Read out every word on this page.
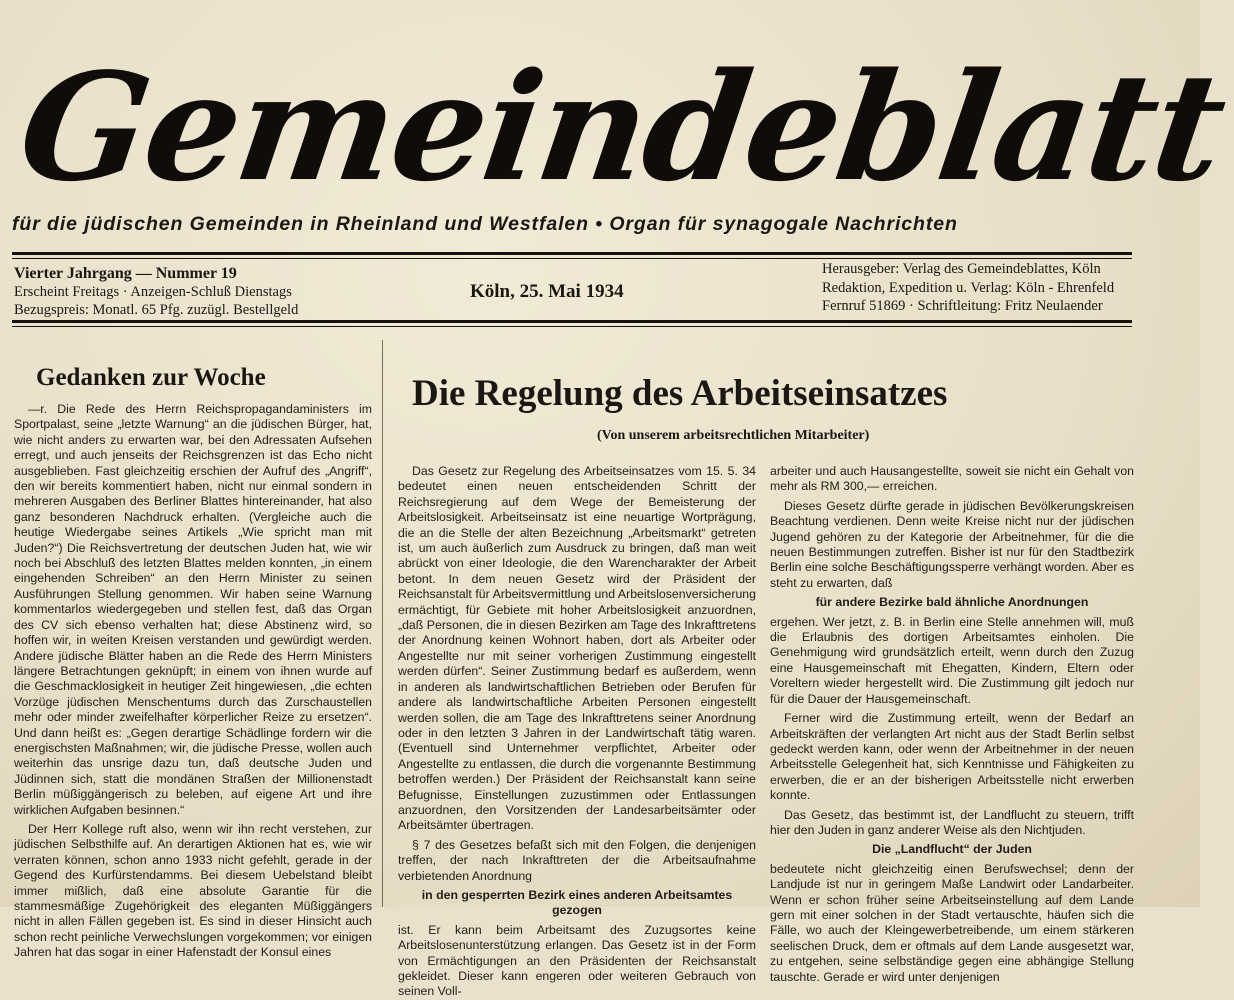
Gemeindeblatt
für die jüdischen Gemeinden in Rheinland und Westfalen • Organ für synagogale Nachrichten
Vierter Jahrgang — Nummer 19
Erscheint Freitags · Anzeigen-Schluß Dienstags
Bezugspreis: Monatl. 65 Pfg. zuzügl. Bestellgeld
Köln, 25. Mai 1934
Herausgeber: Verlag des Gemeindeblattes, Köln
Redaktion, Expedition u. Verlag: Köln - Ehrenfeld
Fernruf 51869 · Schriftleitung: Fritz Neulaender
Gedanken zur Woche

—r. Die Rede des Herrn Reichspropagandaministers im Sportpalast, seine „letzte Warnung“ an die jüdischen Bürger, hat, wie nicht anders zu erwarten war, bei den Adressaten Aufsehen erregt, und auch jenseits der Reichsgrenzen ist das Echo nicht ausgeblieben. Fast gleichzeitig erschien der Aufruf des „Angriff“, den wir bereits kommentiert haben, nicht nur einmal sondern in mehreren Ausgaben des Berliner Blattes hintereinander, hat also ganz besonderen Nachdruck erhalten. (Vergleiche auch die heutige Wiedergabe seines Artikels „Wie spricht man mit Juden?“) Die Reichsvertretung der deutschen Juden hat, wie wir noch bei Abschluß des letzten Blattes melden konnten, „in einem eingehenden Schreiben“ an den Herrn Minister zu seinen Ausführungen Stellung genommen. Wir haben seine Warnung kommentarlos wiedergegeben und stellen fest, daß das Organ des CV sich ebenso verhalten hat; diese Abstinenz wird, so hoffen wir, in weiten Kreisen verstanden und gewürdigt werden. Andere jüdische Blätter haben an die Rede des Herrn Ministers längere Betrachtungen geknüpft; in einem von ihnen wurde auf die Geschmacklosigkeit in heutiger Zeit hingewiesen, „die echten Vorzüge jüdischen Menschentums durch das Zurschaustellen mehr oder minder zweifelhafter körperlicher Reize zu ersetzen“. Und dann heißt es: „Gegen derartige Schädlinge fordern wir die energischsten Maßnahmen; wir, die jüdische Presse, wollen auch weiterhin das unsrige dazu tun, daß deutsche Juden und Jüdinnen sich, statt die mondänen Straßen der Millionenstadt Berlin müßiggängerisch zu beleben, auf eigene Art und ihre wirklichen Aufgaben besinnen.“

Der Herr Kollege ruft also, wenn wir ihn recht verstehen, zur jüdischen Selbsthilfe auf. An derartigen Aktionen hat es, wie wir verraten können, schon anno 1933 nicht gefehlt, gerade in der Gegend des Kurfürstendamms. Bei diesem Uebelstand bleibt immer mißlich, daß eine absolute Garantie für die stammesmäßige Zugehörigkeit des eleganten Müßiggängers nicht in allen Fällen gegeben ist. Es sind in dieser Hinsicht auch schon recht peinliche Verwechslungen vorgekommen; vor einigen Jahren hat das sogar in einer Hafenstadt der Konsul eines

Die Regelung des Arbeitseinsatzes
(Von unserem arbeitsrechtlichen Mitarbeiter)

Das Gesetz zur Regelung des Arbeitseinsatzes vom 15. 5. 34 bedeutet einen neuen entscheidenden Schritt der Reichsregierung auf dem Wege der Bemeisterung der Arbeitslosigkeit. Arbeitseinsatz ist eine neuartige Wortprägung, die an die Stelle der alten Bezeichnung „Arbeitsmarkt“ getreten ist, um auch äußerlich zum Ausdruck zu bringen, daß man weit abrückt von einer Ideologie, die den Warencharakter der Arbeit betont. In dem neuen Gesetz wird der Präsident der Reichsanstalt für Arbeitsvermittlung und Arbeitslosenversicherung ermächtigt, für Gebiete mit hoher Arbeitslosigkeit anzuordnen, „daß Personen, die in diesen Bezirken am Tage des Inkrafttretens der Anordnung keinen Wohnort haben, dort als Arbeiter oder Angestellte nur mit seiner vorherigen Zustimmung eingestellt werden dürfen“. Seiner Zustimmung bedarf es außerdem, wenn in anderen als landwirtschaftlichen Betrieben oder Berufen für andere als landwirtschaftliche Arbeiten Personen eingestellt werden sollen, die am Tage des Inkrafttretens seiner Anordnung oder in den letzten 3 Jahren in der Landwirtschaft tätig waren. (Eventuell sind Unternehmer verpflichtet, Arbeiter oder Angestellte zu entlassen, die durch die vorgenannte Bestimmung betroffen werden.) Der Präsident der Reichsanstalt kann seine Befugnisse, Einstellungen zuzustimmen oder Entlassungen anzuordnen, den Vorsitzenden der Landesarbeitsämter oder Arbeitsämter übertragen.

§ 7 des Gesetzes befaßt sich mit den Folgen, die denjenigen treffen, der nach Inkrafttreten der die Arbeitsaufnahme verbietenden Anordnung

in den gesperrten Bezirk eines anderen Arbeitsamtes gezogen

ist. Er kann beim Arbeitsamt des Zuzugsortes keine Arbeitslosenunterstützung erlangen. Das Gesetz ist in der Form von Ermächtigungen an den Präsidenten der Reichsanstalt gekleidet. Dieser kann engeren oder weiteren Gebrauch von seinen Voll-

arbeiter und auch Hausangestellte, soweit sie nicht ein Gehalt von mehr als RM 300,— erreichen.

Dieses Gesetz dürfte gerade in jüdischen Bevölkerungskreisen Beachtung verdienen. Denn weite Kreise nicht nur der jüdischen Jugend gehören zu der Kategorie der Arbeitnehmer, für die die neuen Bestimmungen zutreffen. Bisher ist nur für den Stadtbezirk Berlin eine solche Beschäftigungssperre verhängt worden. Aber es steht zu erwarten, daß

für andere Bezirke bald ähnliche Anordnungen

ergehen. Wer jetzt, z. B. in Berlin eine Stelle annehmen will, muß die Erlaubnis des dortigen Arbeitsamtes einholen. Die Genehmigung wird grundsätzlich erteilt, wenn durch den Zuzug eine Hausgemeinschaft mit Ehegatten, Kindern, Eltern oder Voreltern wieder hergestellt wird. Die Zustimmung gilt jedoch nur für die Dauer der Hausgemeinschaft.

Ferner wird die Zustimmung erteilt, wenn der Bedarf an Arbeitskräften der verlangten Art nicht aus der Stadt Berlin selbst gedeckt werden kann, oder wenn der Arbeitnehmer in der neuen Arbeitsstelle Gelegenheit hat, sich Kenntnisse und Fähigkeiten zu erwerben, die er an der bisherigen Arbeitsstelle nicht erwerben konnte.

Das Gesetz, das bestimmt ist, der Landflucht zu steuern, trifft hier den Juden in ganz anderer Weise als den Nichtjuden.

Die „Landflucht“ der Juden

bedeutete nicht gleichzeitig einen Berufswechsel; denn der Landjude ist nur in geringem Maße Landwirt oder Landarbeiter. Wenn er schon früher seine Arbeitseinstellung auf dem Lande gern mit einer solchen in der Stadt vertauschte, häufen sich die Fälle, wo auch der Kleingewerbetreibende, um einem stärkeren seelischen Druck, dem er oftmals auf dem Lande ausgesetzt war, zu entgehen, seine selbständige gegen eine abhängige Stellung tauschte. Gerade er wird unter denjenigen
